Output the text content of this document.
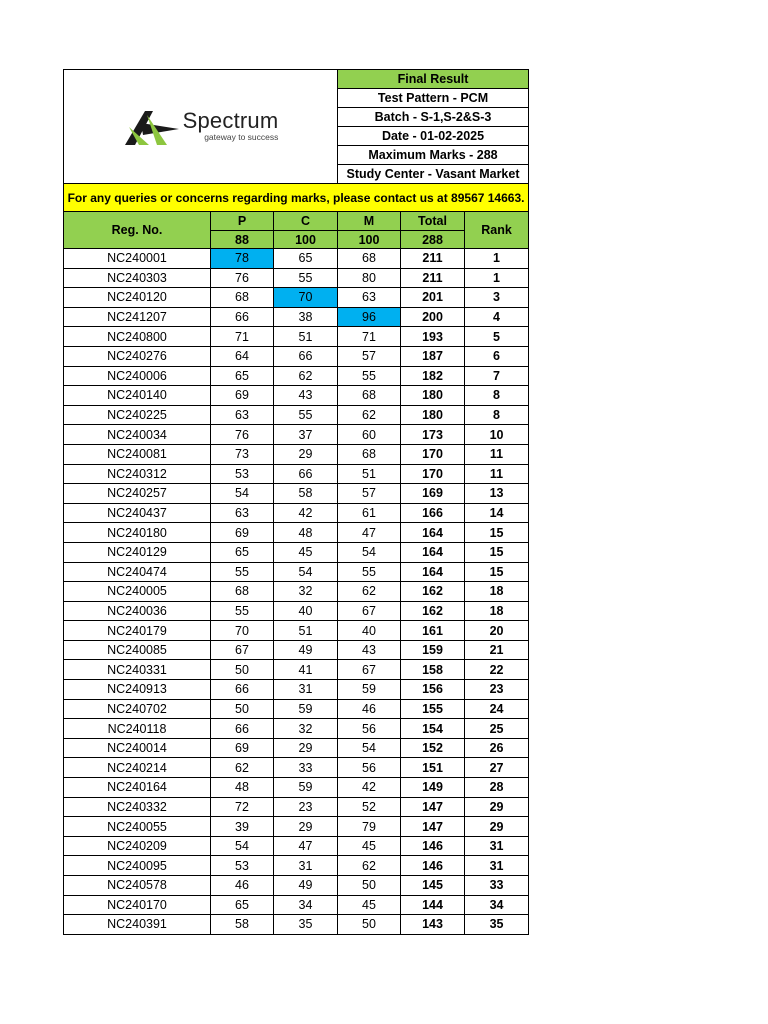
Spectrum
gateway to success			Final Result		
			Test Pattern - PCM		
			Batch - S-1,S-2&S-3		
			Date - 01-02-2025		
			Maximum Marks - 288		
			Study Center - Vasant Market		
For any queries or concerns regarding marks, please contact us at 89567 14663.					
Reg. No.	P	C	M	Total	Rank
	88	100	100	288	
NC240001	78	65	68	211	1
NC240303	76	55	80	211	1
NC240120	68	70	63	201	3
NC241207	66	38	96	200	4
NC240800	71	51	71	193	5
NC240276	64	66	57	187	6
NC240006	65	62	55	182	7
NC240140	69	43	68	180	8
NC240225	63	55	62	180	8
NC240034	76	37	60	173	10
NC240081	73	29	68	170	11
NC240312	53	66	51	170	11
NC240257	54	58	57	169	13
NC240437	63	42	61	166	14
NC240180	69	48	47	164	15
NC240129	65	45	54	164	15
NC240474	55	54	55	164	15
NC240005	68	32	62	162	18
NC240036	55	40	67	162	18
NC240179	70	51	40	161	20
NC240085	67	49	43	159	21
NC240331	50	41	67	158	22
NC240913	66	31	59	156	23
NC240702	50	59	46	155	24
NC240118	66	32	56	154	25
NC240014	69	29	54	152	26
NC240214	62	33	56	151	27
NC240164	48	59	42	149	28
NC240332	72	23	52	147	29
NC240055	39	29	79	147	29
NC240209	54	47	45	146	31
NC240095	53	31	62	146	31
NC240578	46	49	50	145	33
NC240170	65	34	45	144	34
NC240391	58	35	50	143	35
